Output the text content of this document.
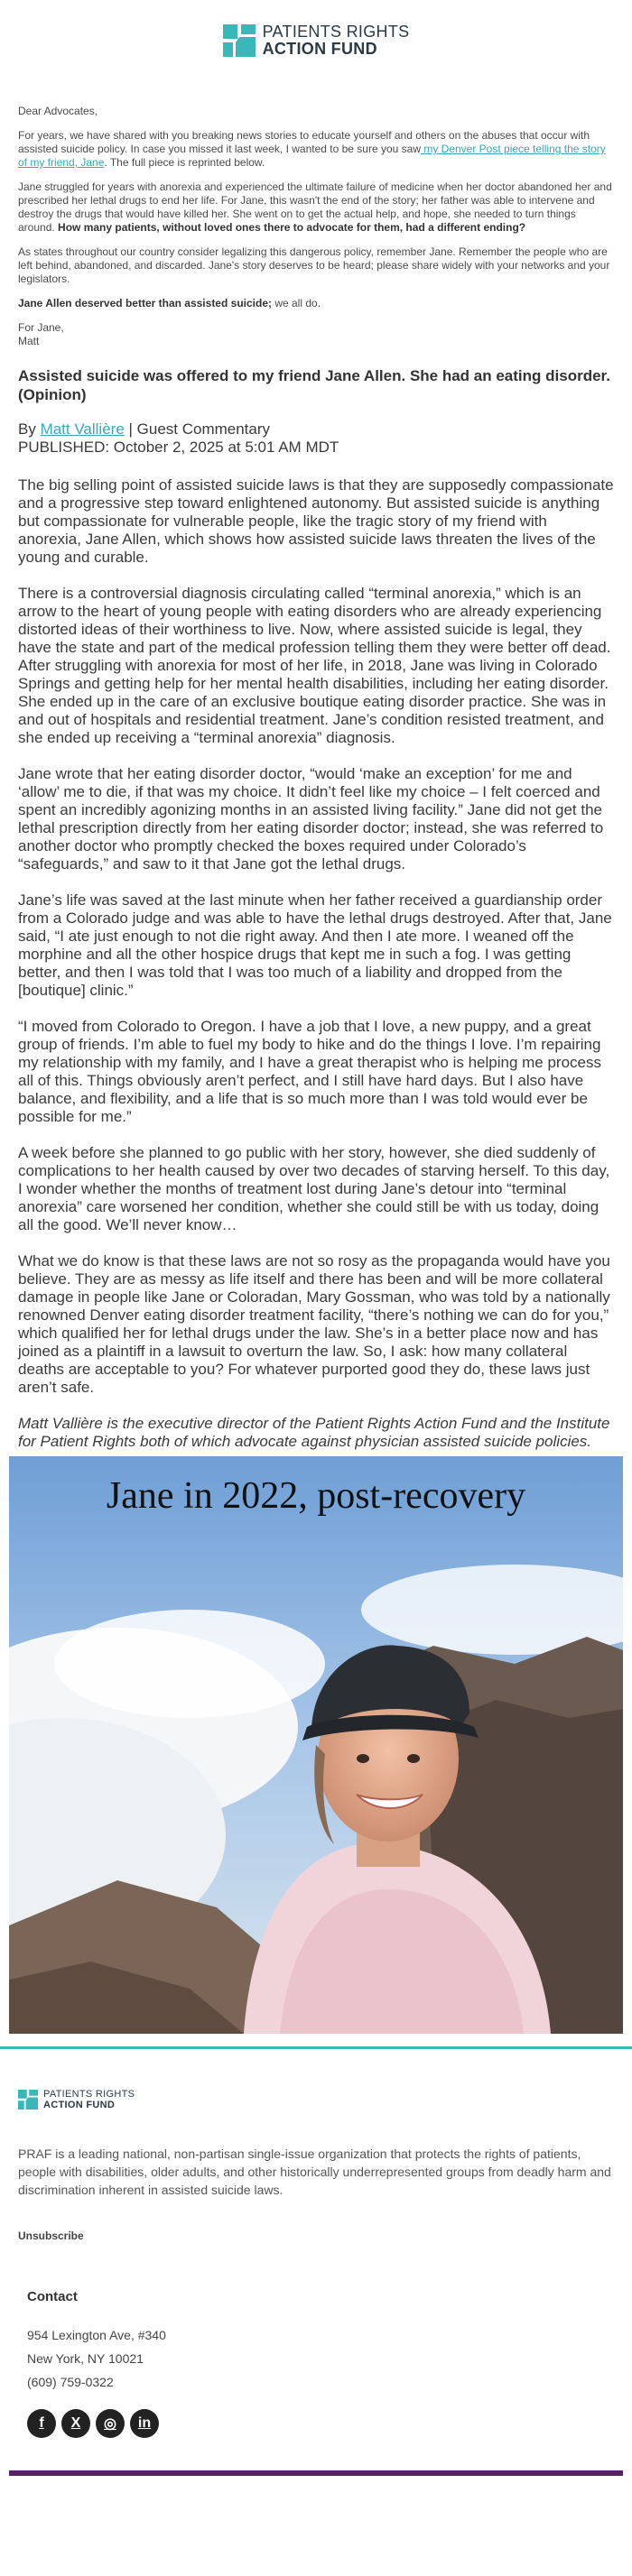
PATIENTS RIGHTS
ACTION FUND

Dear Advocates,

For years, we have shared with you breaking news stories to educate yourself and others on the abuses that occur with assisted suicide policy. In case you missed it last week, I wanted to be sure you saw my Denver Post piece telling the story of my friend, Jane. The full piece is reprinted below.

Jane struggled for years with anorexia and experienced the ultimate failure of medicine when her doctor abandoned her and prescribed her lethal drugs to end her life. For Jane, this wasn't the end of the story; her father was able to intervene and destroy the drugs that would have killed her. She went on to get the actual help, and hope, she needed to turn things around. How many patients, without loved ones there to advocate for them, had a different ending?

As states throughout our country consider legalizing this dangerous policy, remember Jane. Remember the people who are left behind, abandoned, and discarded. Jane's story deserves to be heard; please share widely with your networks and your legislators.

Jane Allen deserved better than assisted suicide; we all do.

For Jane,
Matt

Assisted suicide was offered to my friend Jane Allen. She had an eating disorder. (Opinion)

By Matt Vallière | Guest Commentary

PUBLISHED: October 2, 2025 at 5:01 AM MDT

The big selling point of assisted suicide laws is that they are supposedly compassionate and a progressive step toward enlightened autonomy. But assisted suicide is anything but compassionate for vulnerable people, like the tragic story of my friend with anorexia, Jane Allen, which shows how assisted suicide laws threaten the lives of the young and curable.

There is a controversial diagnosis circulating called “terminal anorexia,” which is an arrow to the heart of young people with eating disorders who are already experiencing distorted ideas of their worthiness to live. Now, where assisted suicide is legal, they have the state and part of the medical profession telling them they were better off dead.
After struggling with anorexia for most of her life, in 2018, Jane was living in Colorado Springs and getting help for her mental health disabilities, including her eating disorder. She ended up in the care of an exclusive boutique eating disorder practice. She was in and out of hospitals and residential treatment. Jane’s condition resisted treatment, and she ended up receiving a “terminal anorexia” diagnosis.

Jane wrote that her eating disorder doctor, “would ‘make an exception’ for me and ‘allow’ me to die, if that was my choice. It didn’t feel like my choice – I felt coerced and spent an incredibly agonizing months in an assisted living facility.” Jane did not get the lethal prescription directly from her eating disorder doctor; instead, she was referred to another doctor who promptly checked the boxes required under Colorado’s “safeguards,” and saw to it that Jane got the lethal drugs.

Jane’s life was saved at the last minute when her father received a guardianship order from a Colorado judge and was able to have the lethal drugs destroyed. After that, Jane said, “I ate just enough to not die right away. And then I ate more. I weaned off the morphine and all the other hospice drugs that kept me in such a fog. I was getting better, and then I was told that I was too much of a liability and dropped from the [boutique] clinic.”

“I moved from Colorado to Oregon. I have a job that I love, a new puppy, and a great group of friends. I’m able to fuel my body to hike and do the things I love. I’m repairing my relationship with my family, and I have a great therapist who is helping me process all of this. Things obviously aren’t perfect, and I still have hard days. But I also have balance, and flexibility, and a life that is so much more than I was told would ever be possible for me.”

A week before she planned to go public with her story, however, she died suddenly of complications to her health caused by over two decades of starving herself. To this day, I wonder whether the months of treatment lost during Jane’s detour into “terminal anorexia” care worsened her condition, whether she could still be with us today, doing all the good. We’ll never know…

What we do know is that these laws are not so rosy as the propaganda would have you believe. They are as messy as life itself and there has been and will be more collateral damage in people like Jane or Coloradan, Mary Gossman, who was told by a nationally renowned Denver eating disorder treatment facility, “there’s nothing we can do for you,” which qualified her for lethal drugs under the law. She’s in a better place now and has joined as a plaintiff in a lawsuit to overturn the law. So, I ask: how many collateral deaths are acceptable to you? For whatever purported good they do, these laws just aren’t safe.

Matt Vallière is the executive director of the Patient Rights Action Fund and the Institute for Patient Rights both of which advocate against physician assisted suicide policies.

Jane in 2022, post-recovery
PATIENTS RIGHTS
ACTION FUND

PRAF is a leading national, non-partisan single-issue organization that protects the rights of patients, people with disabilities, older adults, and other historically underrepresented groups from deadly harm and discrimination inherent in assisted suicide laws.

Unsubscribe
Contact
954 Lexington Ave, #340
New York, NY 10021
(609) 759-0322
f	X	◎	in
